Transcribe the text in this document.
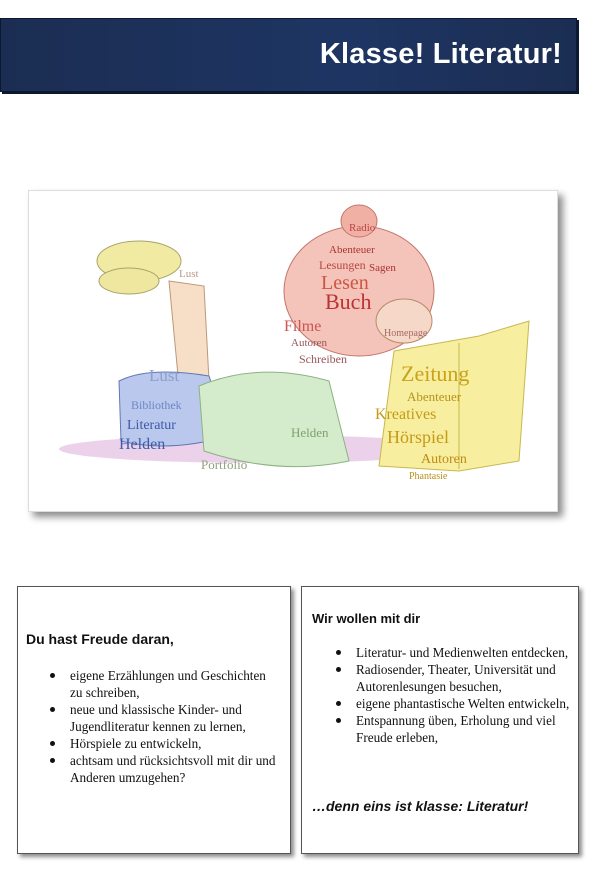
Klasse! Literatur!
Radio
Abenteuer
Lesungen
Lesen
Sagen
Buch
Filme
Autoren
Schreiben
Zeitung
Abenteuer
Kreatives
Hörspiel
Autoren
Phantasie
Lust
Lust
Bibliothek
Literatur
Helden
Helden
Portfolio
Homepage
Du hast Freude daran,
eigene Erzählungen und Geschichten zu schreiben,
neue und klassische Kinder- und Jugendliteratur kennen zu lernen,
Hörspiele zu entwickeln,
achtsam und rücksichtsvoll mit dir und Anderen umzugehen?
Wir wollen mit dir
Literatur- und Medienwelten entdecken,
Radiosender, Theater, Universität und Autorenlesungen besuchen,
eigene phantastische Welten entwickeln,
Entspannung üben, Erholung und viel Freude erleben,
…denn eins ist klasse: Literatur!
